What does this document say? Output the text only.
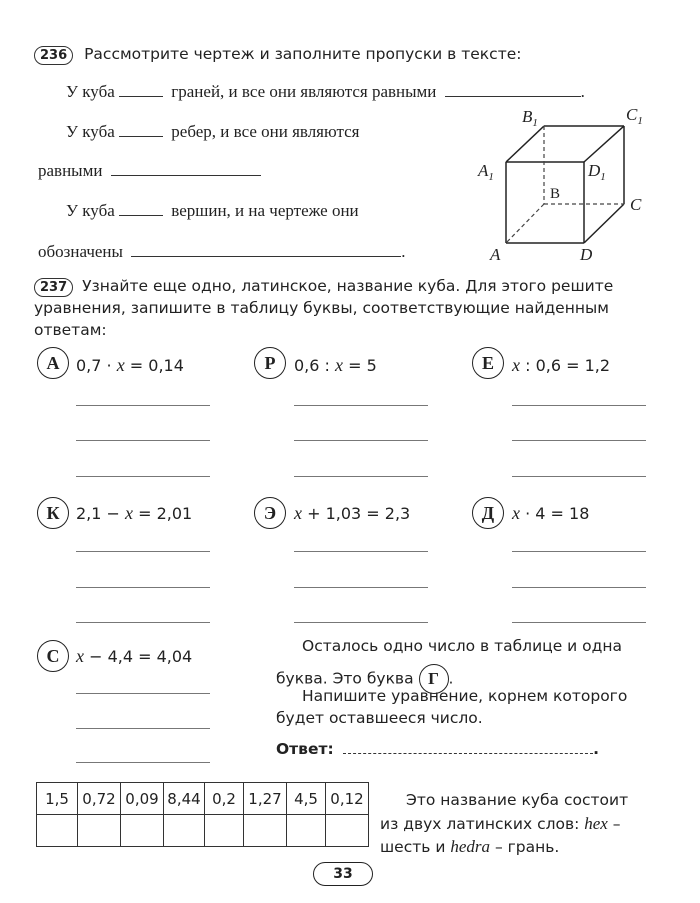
236 Рассмотрите чертеж и заполните пропуски в тексте:
У куба	граней, и все они являются равными	.
У куба	ребер, и все они являются
равными
У куба	вершин, и на чертеже они
обозначены	.
$B_1$	$C_1$
$A_1$	$D_1$
B
C
A	D
237 Узнайте еще одно, латинское, название куба. Для этого решите уравнения, запишите в таблицу буквы, соответствующие найденным ответам:
А	0,7 · x = 0,14	Р	0,6 : x = 5	Е	x : 0,6 = 1,2
К	2,1 − x = 2,01	Э x + 1,03 = 2,3	Д x · 4 = 18
С x − 4,4 = 4,04
Осталось одно число в таблице и одна
буква. Это буква Г .
Напишите уравнение, корнем которого
будет оставшееся число.
Ответ:	.
1,5	0,72	0,09	8,44	0,2	1,27	4,5	0,12
								Это название куба состоит
из двух латинских слов: hex –
шесть и hedra – грань.
33
